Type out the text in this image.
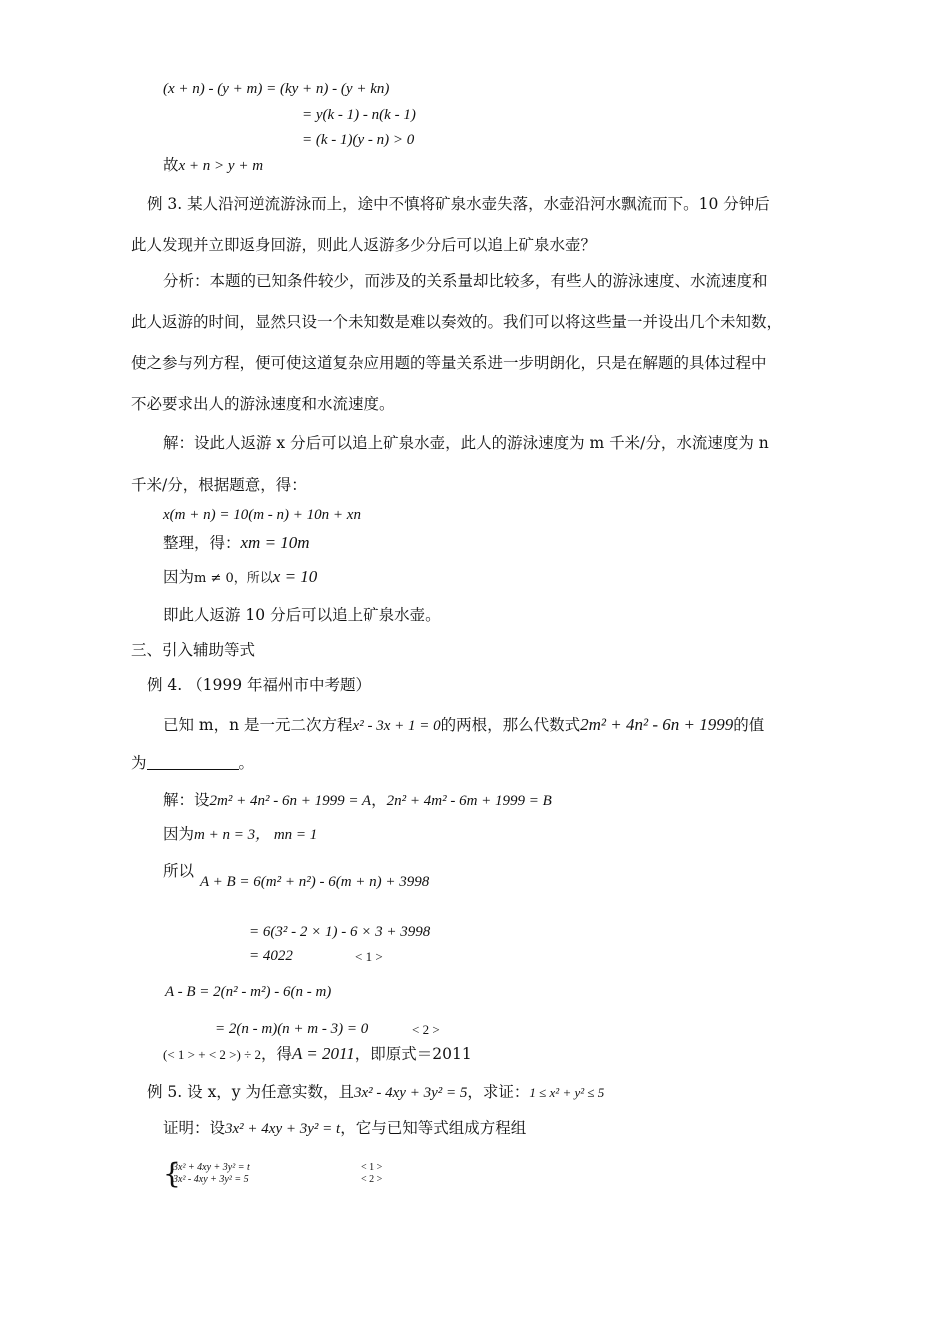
(x + n) - (y + m) = (ky + n) - (y + kn)
= y(k - 1) - n(k - 1)
= (k - 1)(y - n) > 0
故x + n > y + m
例 3. 某人沿河逆流游泳而上，途中不慎将矿泉水壶失落，水壶沿河水飘流而下。10 分钟后
此人发现并立即返身回游，则此人返游多少分后可以追上矿泉水壶？
分析：本题的已知条件较少，而涉及的关系量却比较多，有些人的游泳速度、水流速度和
此人返游的时间，显然只设一个未知数是难以奏效的。我们可以将这些量一并设出几个未知数，
使之参与列方程，便可使这道复杂应用题的等量关系进一步明朗化，只是在解题的具体过程中
不必要求出人的游泳速度和水流速度。
解：设此人返游 x 分后可以追上矿泉水壶，此人的游泳速度为 m 千米/分，水流速度为 n
千米/分，根据题意，得：
x(m + n) = 10(m - n) + 10n + xn
整理，得：xm = 10m
因为m ≠ 0，所以x = 10
即此人返游 10 分后可以追上矿泉水壶。
三、引入辅助等式
例 4. （1999 年福州市中考题）
已知 m，n 是一元二次方程x² - 3x + 1 = 0的两根，那么代数式2m² + 4n² - 6n + 1999的值
为	。
解：设2m² + 4n² - 6n + 1999 = A，2n² + 4m² - 6m + 1999 = B
因为m + n = 3， mn = 1
所以
A + B = 6(m² + n²) - 6(m + n) + 3998
= 6(3² - 2 × 1) - 6 × 3 + 3998
= 4022	< 1 >
A - B = 2(n² - m²) - 6(n - m)
= 2(n - m)(n + m - 3) = 0	< 2 >
(< 1 > + < 2 >) ÷ 2，得A = 2011，即原式＝2011
例 5. 设 x，y 为任意实数，且3x² - 4xy + 3y² = 5，求证：1 ≤ x² + y² ≤ 5
证明：设3x² + 4xy + 3y² = t，它与已知等式组成方程组
{
3x² + 4xy + 3y² = t	< 1 >
3x² - 4xy + 3y² = 5	< 2 >
